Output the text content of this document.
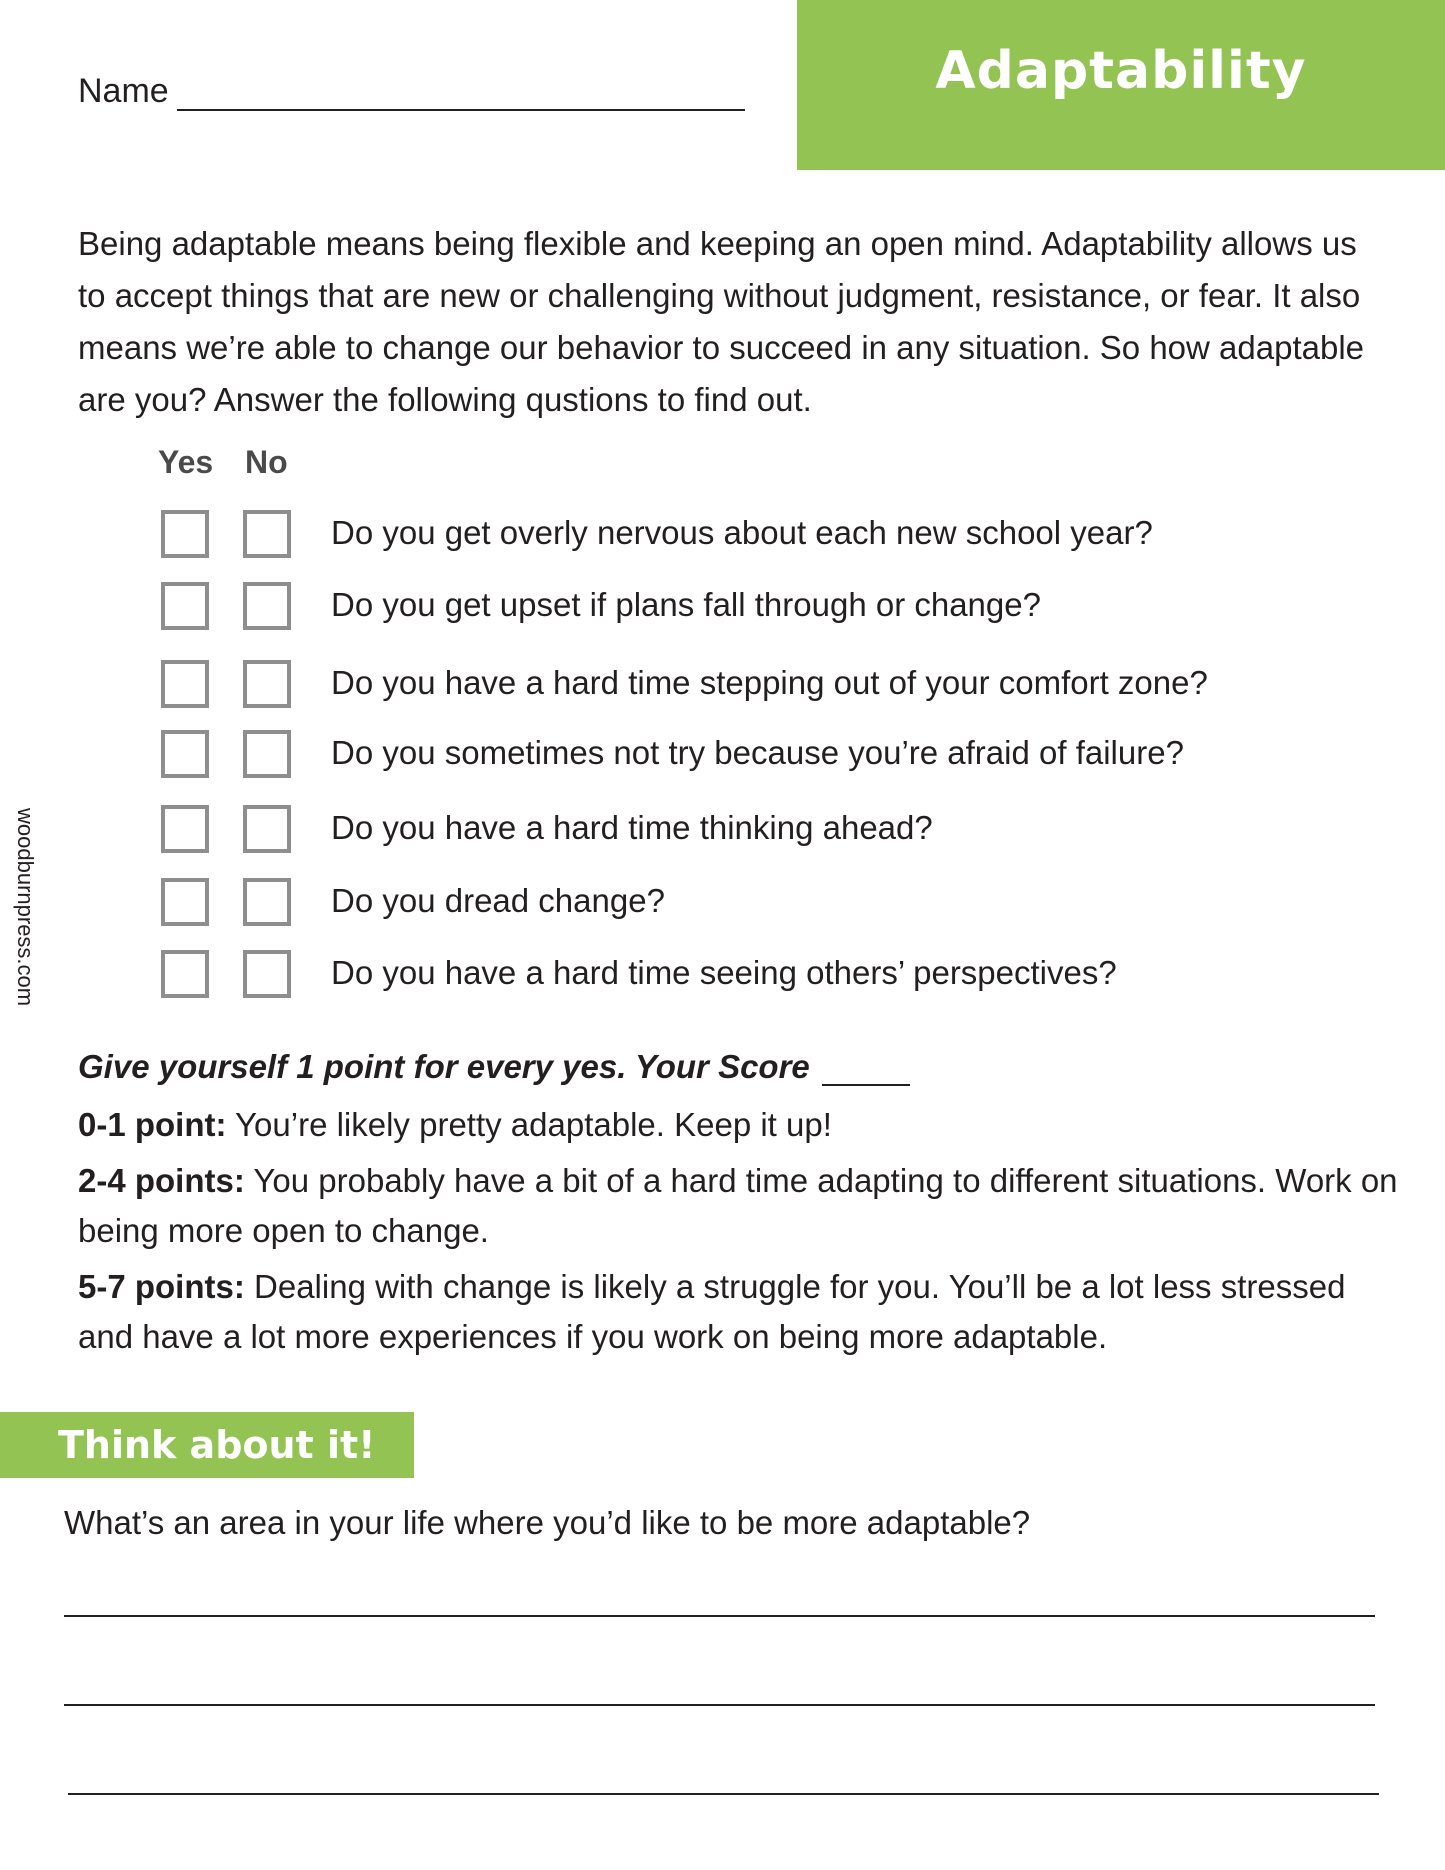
Name	Adaptability
woodburnpress.com

Being adaptable means being flexible and keeping an open mind. Adaptability allows us to accept things that are new or challenging without judgment, resistance, or fear. It also means we’re able to change our behavior to succeed in any situation. So how adaptable are you? Answer the following qustions to find out.

Yes No
Do you get overly nervous about each new school year?
Do you get upset if plans fall through or change?
Do you have a hard time stepping out of your comfort zone?
Do you sometimes not try because you’re afraid of failure?
Do you have a hard time thinking ahead?
Do you dread change?
Do you have a hard time seeing others’ perspectives?
Give yourself 1 point for every yes. Your Score

0-1 point: You’re likely pretty adaptable. Keep it up!

2-4 points: You probably have a bit of a hard time adapting to different situations. Work on being more open to change.

5-7 points: Dealing with change is likely a struggle for you. You’ll be a lot less stressed and have a lot more experiences if you work on being more adaptable.

Think about it!

What’s an area in your life where you’d like to be more adaptable?
